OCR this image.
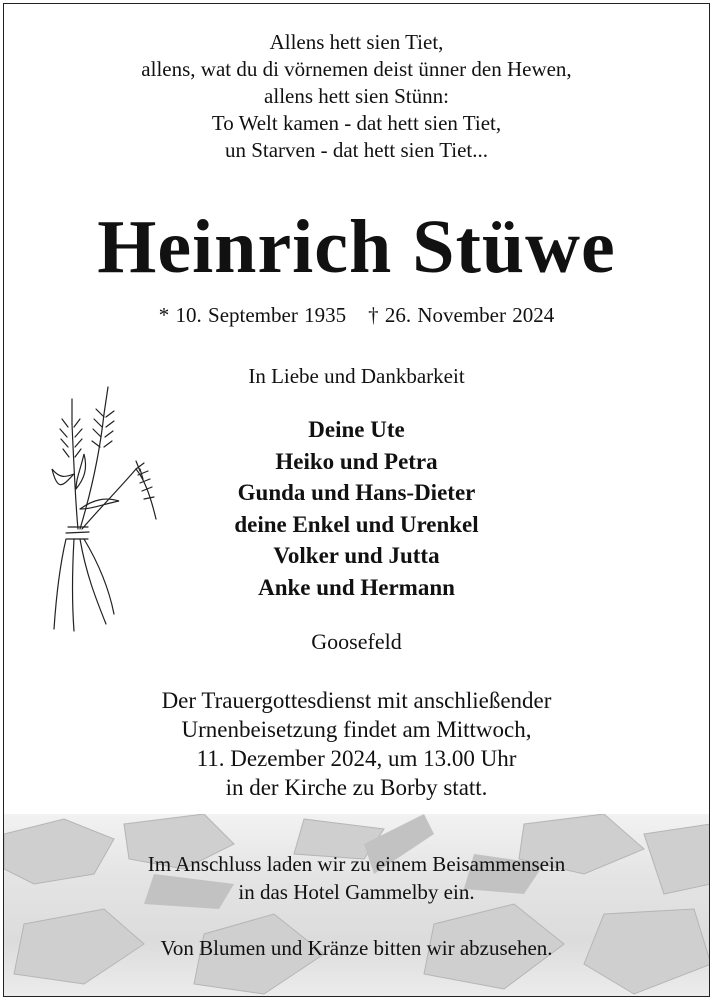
Allens hett sien Tiet,
allens, wat du di vörnemen deist ünner den Hewen,
allens hett sien Stünn:
To Welt kamen - dat hett sien Tiet,
un Starven - dat hett sien Tiet...
Heinrich Stüwe
* 10. September 1935 † 26. November 2024
In Liebe und Dankbarkeit
Deine Ute
Heiko und Petra
Gunda und Hans-Dieter
deine Enkel und Urenkel
Volker und Jutta
Anke und Hermann
Goosefeld
Der Trauergottesdienst mit anschließender
Urnenbeisetzung findet am Mittwoch,
11. Dezember 2024, um 13.00 Uhr
in der Kirche zu Borby statt.
Im Anschluss laden wir zu einem Beisammensein
in das Hotel Gammelby ein.
Von Blumen und Kränze bitten wir abzusehen.
